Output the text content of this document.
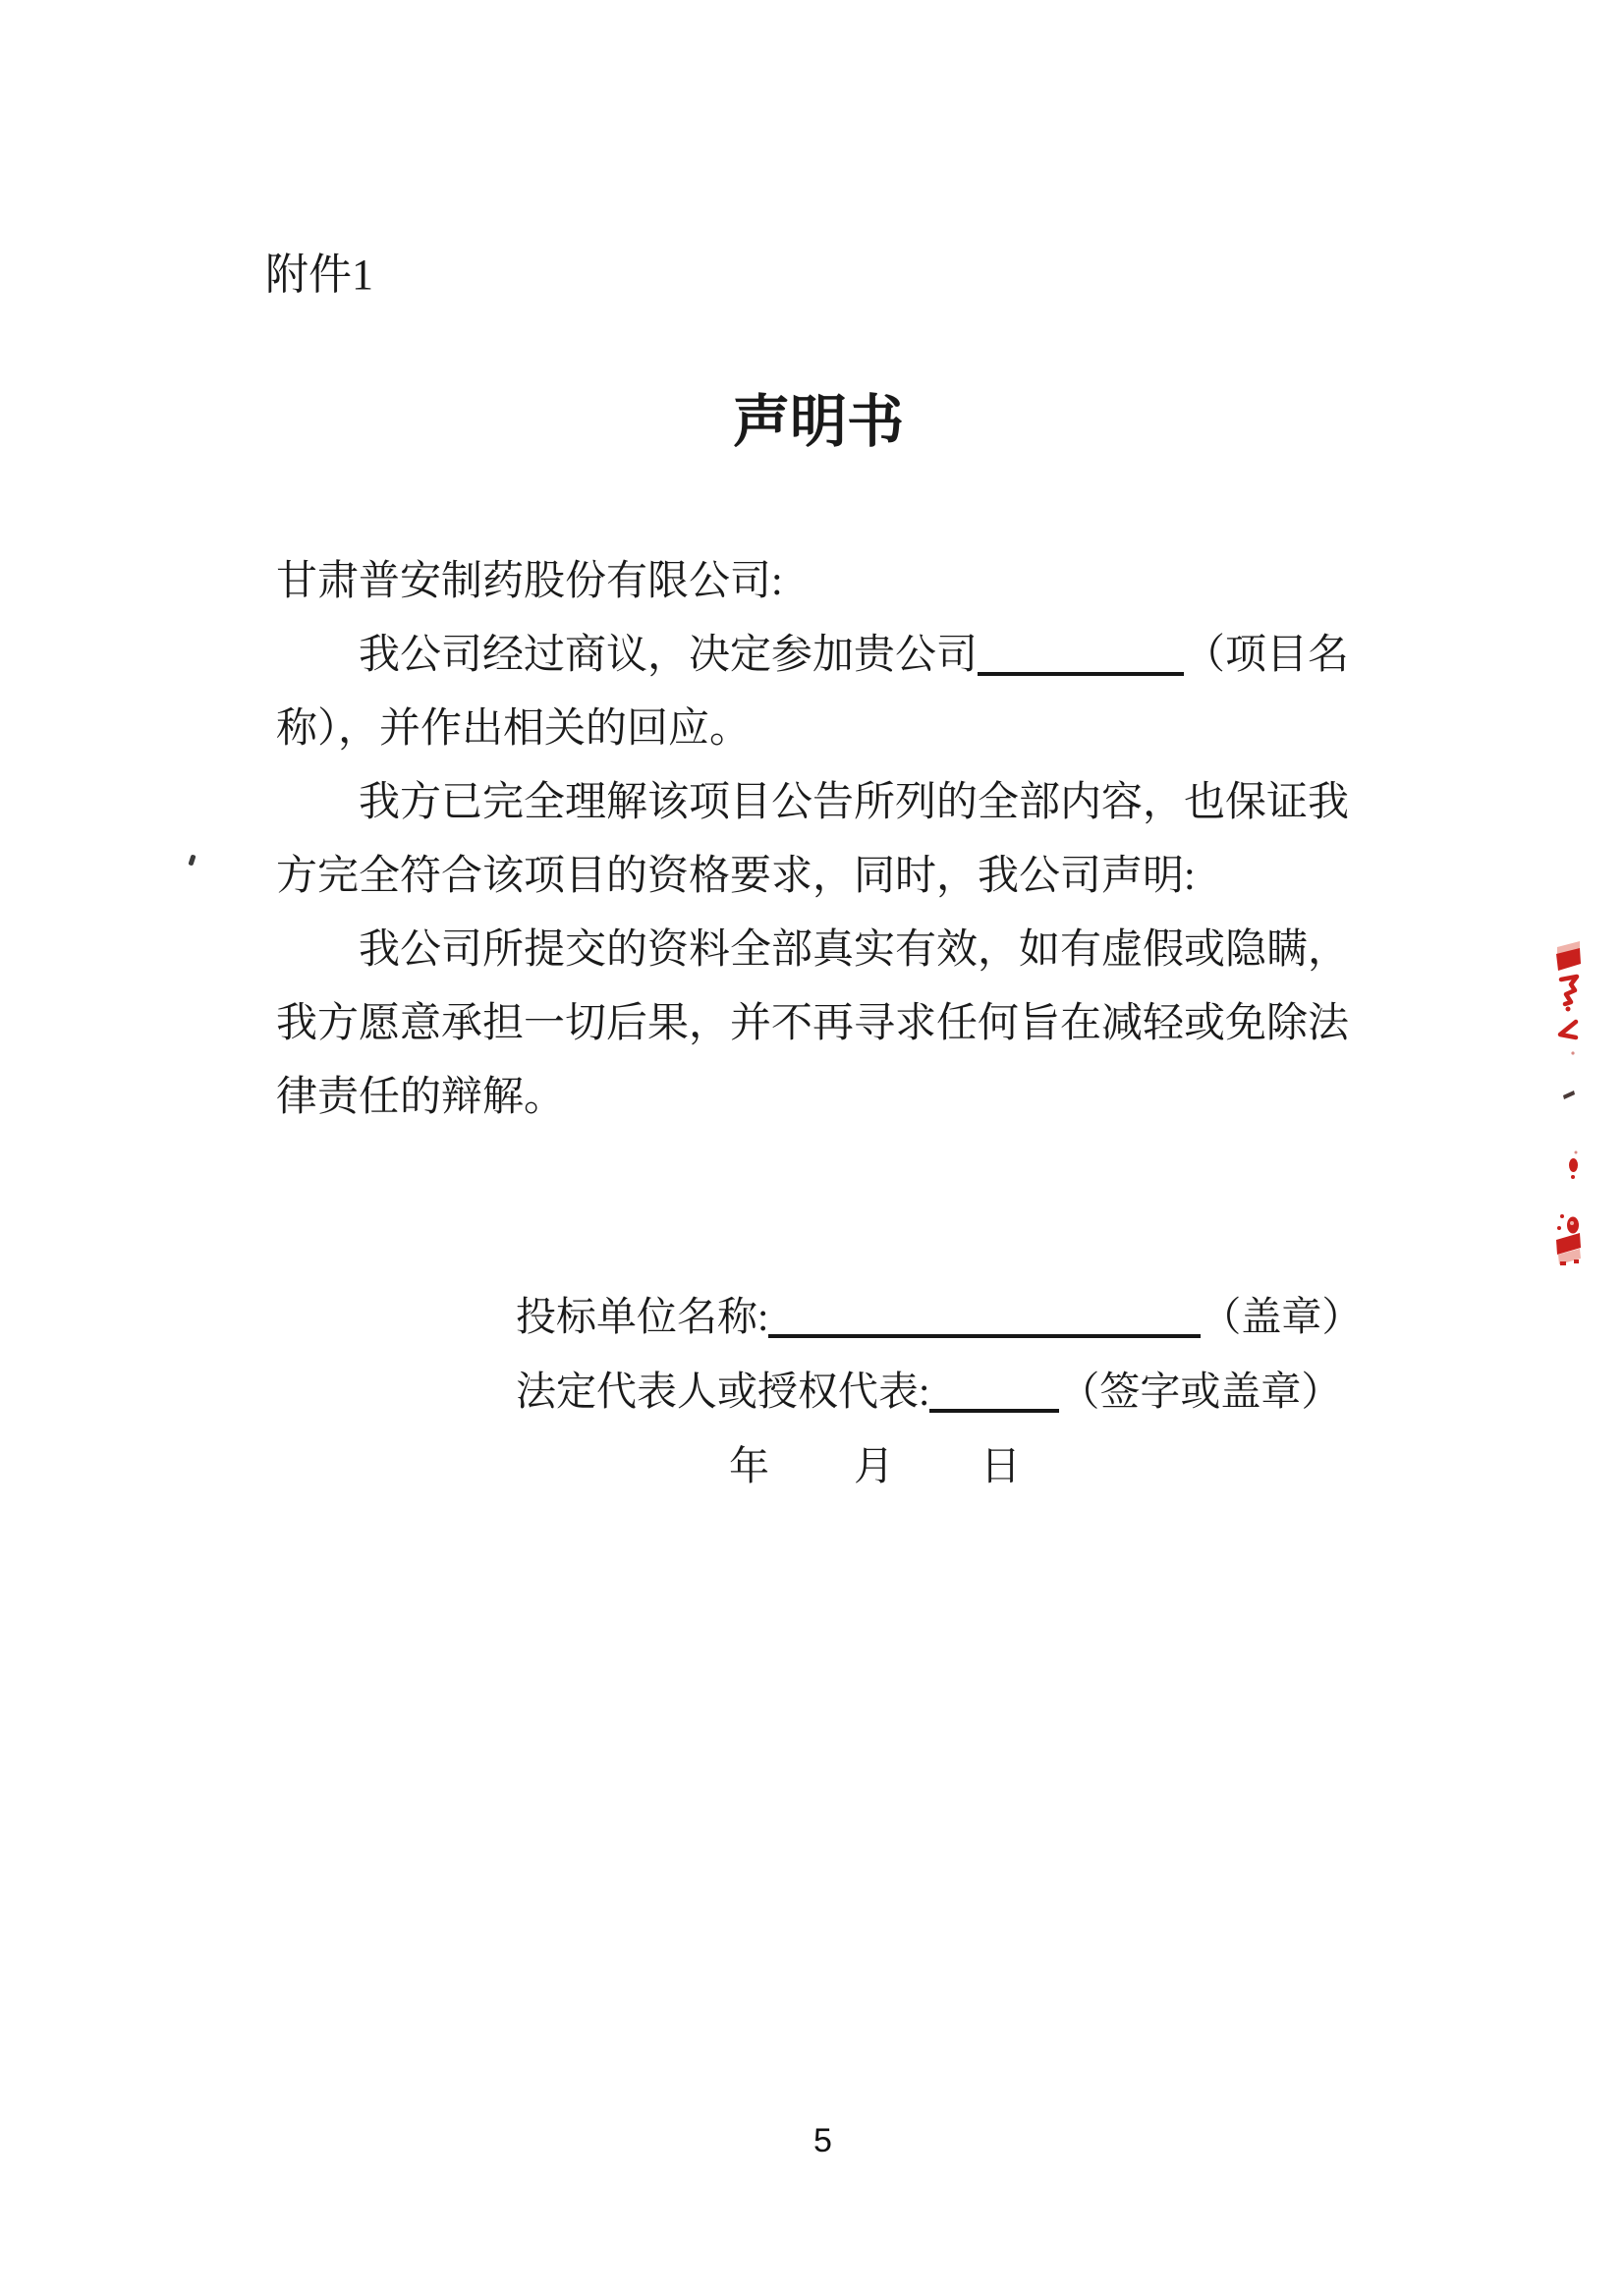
附件1
声明书
甘肃普安制药股份有限公司:
我公司经过商议，决定参加贵公司	（项目名
称），并作出相关的回应。
我方已完全理解该项目公告所列的全部内容，也保证我
方完全符合该项目的资格要求，同时，我公司声明:
我公司所提交的资料全部真实有效，如有虚假或隐瞒，
我方愿意承担一切后果，并不再寻求任何旨在减轻或免除法
律责任的辩解。
投标单位名称:	（盖章）
法定代表人或授权代表:	（签字或盖章）
年 月 日
5
